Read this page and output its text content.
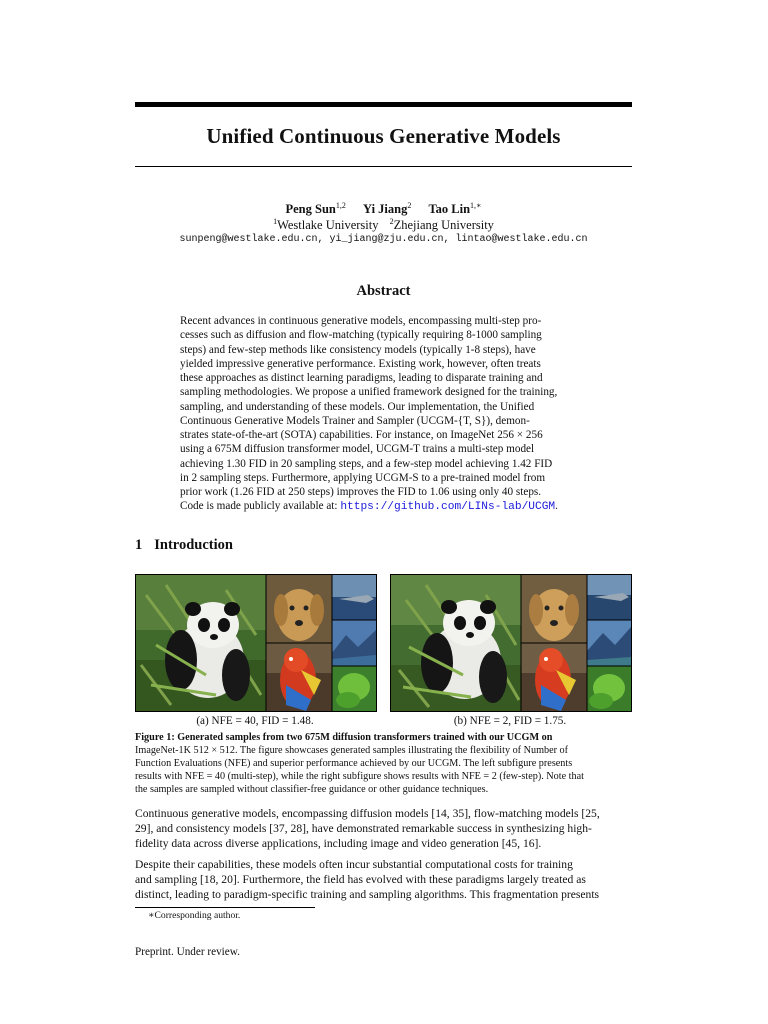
Unified Continuous Generative Models
Peng Sun$^{1,2}$ Yi Jiang$^2$ Tao Lin$^{1,∗}$
$^1$Westlake University $^2$Zhejiang University
sunpeng@westlake.edu.cn, yi_jiang@zju.edu.cn, lintao@westlake.edu.cn
Abstract
Recent advances in continuous generative models, encompassing multi-step pro-
cesses such as diffusion and flow-matching (typically requiring 8-1000 sampling
steps) and few-step methods like consistency models (typically 1-8 steps), have
yielded impressive generative performance. Existing work, however, often treats
these approaches as distinct learning paradigms, leading to disparate training and
sampling methodologies. We propose a unified framework designed for the training,
sampling, and understanding of these models. Our implementation, the Unified
Continuous Generative Models Trainer and Sampler (UCGM-{T, S}), demon-
strates state-of-the-art (SOTA) capabilities. For instance, on ImageNet 256 × 256
using a 675M diffusion transformer model, UCGM-T trains a multi-step model
achieving 1.30 FID in 20 sampling steps, and a few-step model achieving 1.42 FID
in 2 sampling steps. Furthermore, applying UCGM-S to a pre-trained model from
prior work (1.26 FID at 250 steps) improves the FID to 1.06 using only 40 steps.
Code is made publicly available at: https://github.com/LINs-lab/UCGM.
1 Introduction
(a) NFE = 40, FID = 1.48.	(b) NFE = 2, FID = 1.75.
Figure 1: Generated samples from two 675M diffusion transformers trained with our UCGM on
ImageNet-1K 512 × 512. The figure showcases generated samples illustrating the flexibility of Number of
Function Evaluations (NFE) and superior performance achieved by our UCGM. The left subfigure presents
results with NFE = 40 (multi-step), while the right subfigure shows results with NFE = 2 (few-step). Note that
the samples are sampled without classifier-free guidance or other guidance techniques.
Continuous generative models, encompassing diffusion models [14, 35], flow-matching models [25,
29], and consistency models [37, 28], have demonstrated remarkable success in synthesizing high-
fidelity data across diverse applications, including image and video generation [45, 16].
Despite their capabilities, these models often incur substantial computational costs for training
and sampling [18, 20]. Furthermore, the field has evolved with these paradigms largely treated as
distinct, leading to paradigm-specific training and sampling algorithms. This fragmentation presents
∗Corresponding author.
Preprint. Under review.
